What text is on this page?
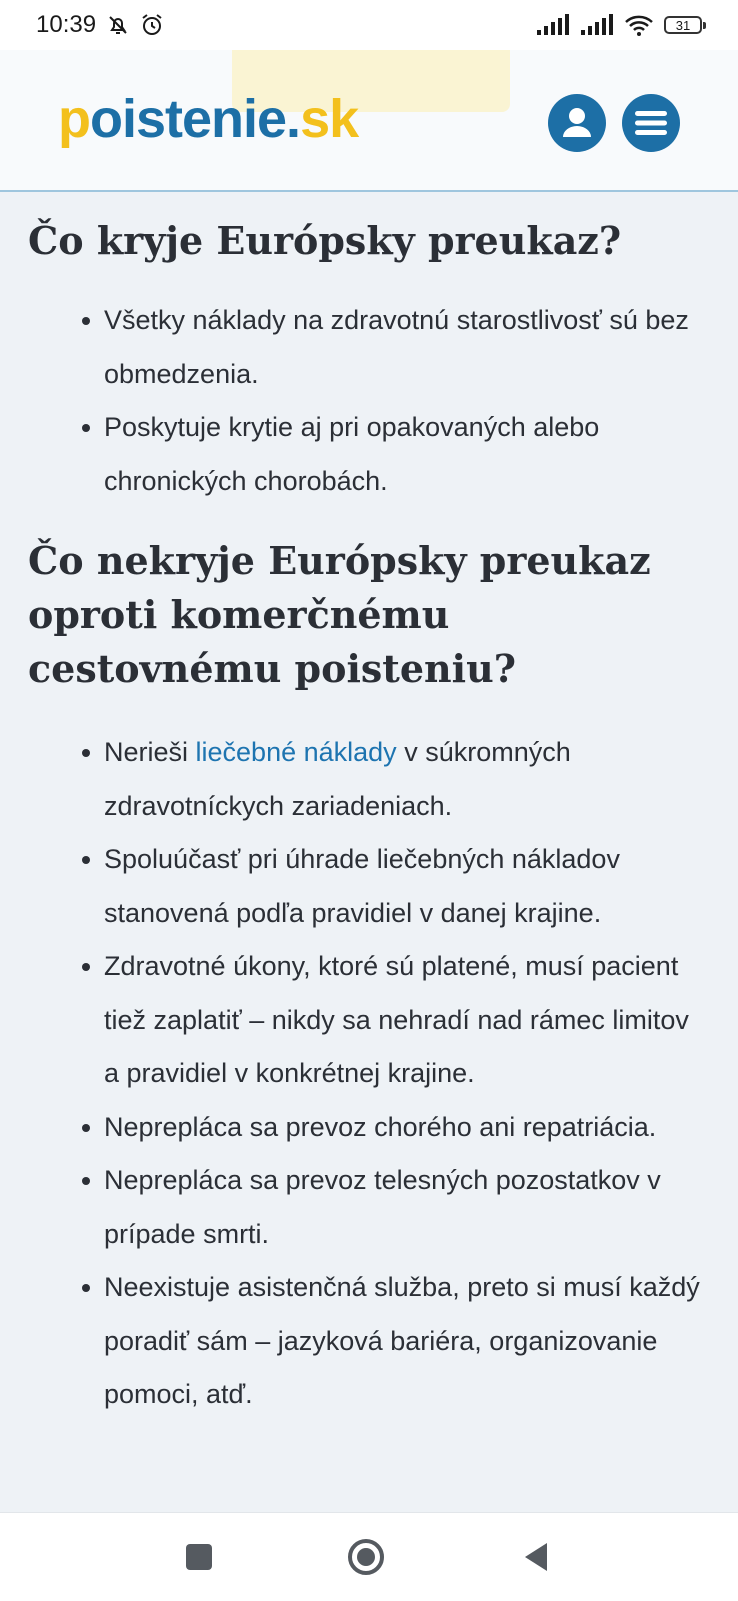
10:39	31
poistenie.sk
Čo kryje Európsky preukaz?
Všetky náklady na zdravotnú starostlivosť sú bez obmedzenia.
Poskytuje krytie aj pri opakovaných alebo chronických chorobách.
Čo nekryje Európsky preukaz oproti komerčnému cestovnému poisteniu?
Nerieši liečebné náklady v súkromných zdravotníckych zariadeniach.
Spoluúčasť pri úhrade liečebných nákladov stanovená podľa pravidiel v danej krajine.
Zdravotné úkony, ktoré sú platené, musí pacient tiež zaplatiť – nikdy sa nehradí nad rámec limitov a pravidiel v konkrétnej krajine.
Nepreplácа sa prevoz chorého ani repatriácia.
Nepreplácа sa prevoz telesných pozostatkov v prípade smrti.
Neexistuje asistenčná služba, preto si musí každý poradiť sám – jazyková bariéra, organizovanie pomoci, atď.
